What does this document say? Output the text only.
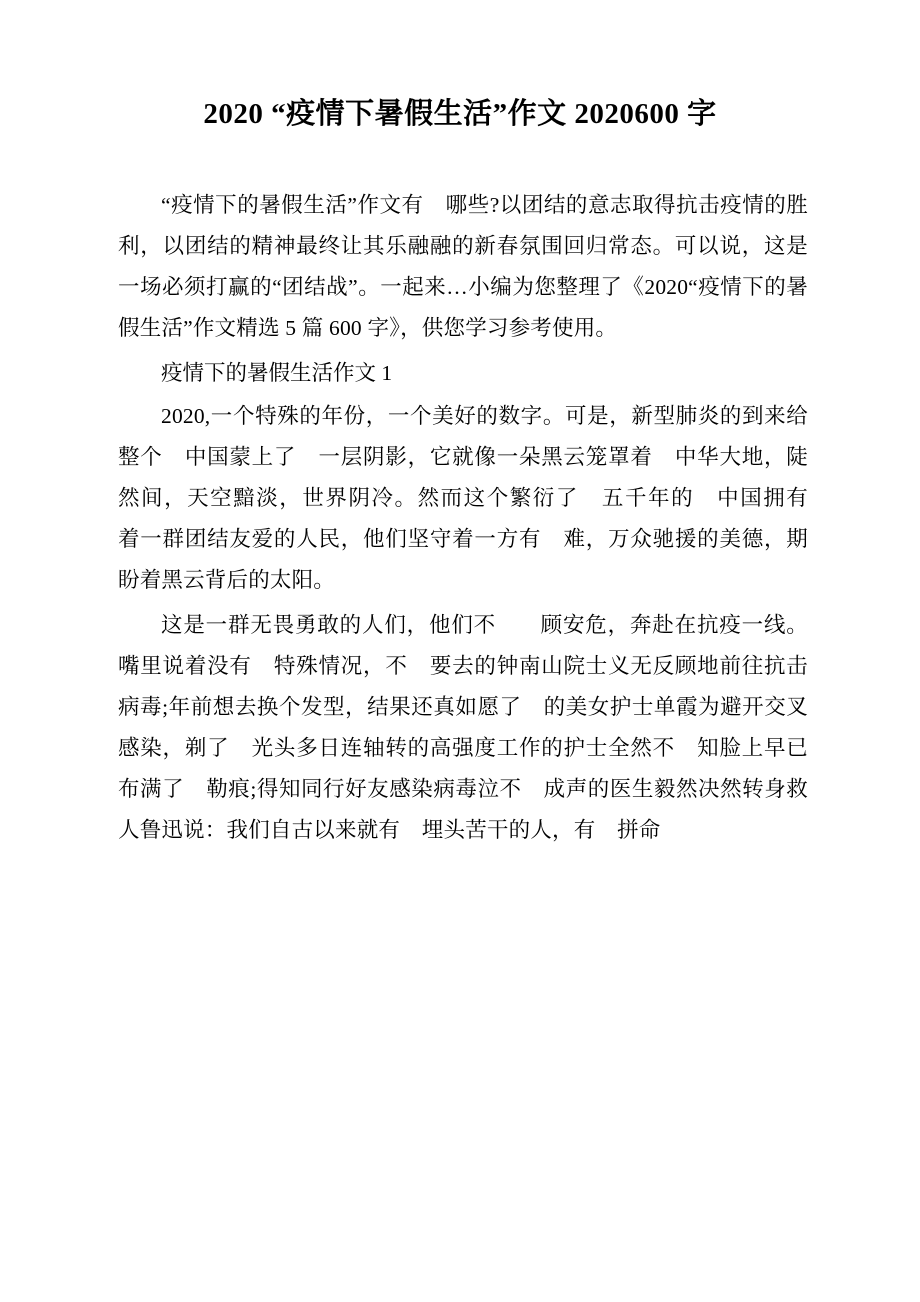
2020 “疫情下暑假生活”作文 2020600 字

“疫情下的暑假生活”作文有　哪些?以团结的意志取得抗击疫情的胜利，以团结的精神最终让其乐融融的新春氛围回归常态。可以说，这是一场必须打赢的“团结战”。一起来…小编为您整理了《2020“疫情下的暑假生活”作文精选 5 篇 600 字》，供您学习参考使用。

疫情下的暑假生活作文 1

2020,一个特殊的年份，一个美好的数字。可是，新型肺炎的到来给整个　中国蒙上了　一层阴影，它就像一朵黑云笼罩着　中华大地，陡然间，天空黯淡，世界阴冷。然而这个繁衍了　五千年的　中国拥有　着一群团结友爱的人民，他们坚守着一方有　难，万众驰援的美德，期盼着黑云背后的太阳。

这是一群无畏勇敢的人们，他们不　　顾安危，奔赴在抗疫一线。嘴里说着没有　特殊情况，不　要去的钟南山院士义无反顾地前往抗击病毒;年前想去换个发型，结果还真如愿了　的美女护士单霞为避开交叉感染，剃了　光头多日连轴转的高强度工作的护士全然不　知脸上早已布满了　勒痕;得知同行好友感染病毒泣不　成声的医生毅然决然转身救人鲁迅说：我们自古以来就有　埋头苦干的人，有　拼命
